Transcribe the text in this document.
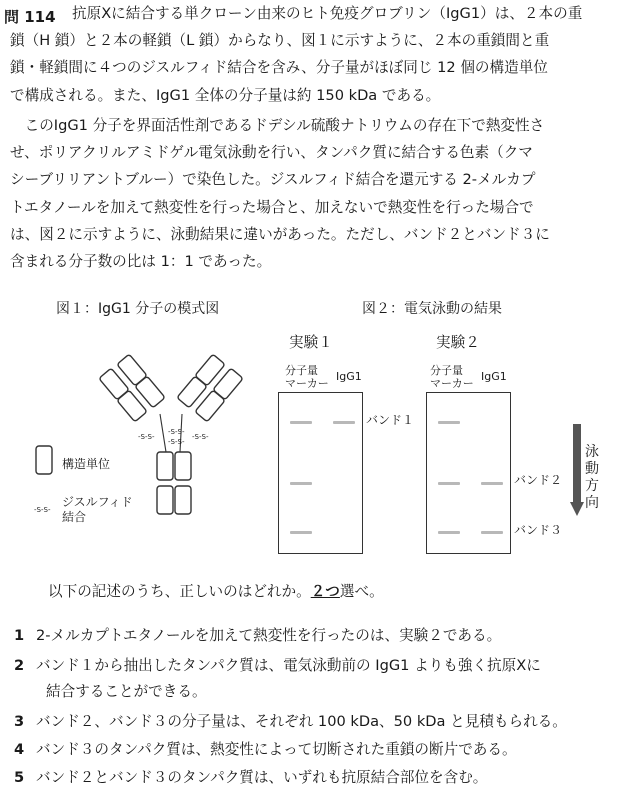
問 114	抗原Xに結合する単クローン由来のヒト免疫グロブリン（IgG1）は、２本の重
鎖（H 鎖）と２本の軽鎖（L 鎖）からなり、図１に示すように、２本の重鎖間と重
鎖・軽鎖間に４つのジスルフィド結合を含み、分子量がほぼ同じ 12 個の構造単位
で構成される。また、IgG1 全体の分子量は約 150 kDa である。
　このIgG1 分子を界面活性剤であるドデシル硫酸ナトリウムの存在下で熱変性さ
せ、ポリアクリルアミドゲル電気泳動を行い、タンパク質に結合する色素（クマ
シーブリリアントブルー）で染色した。ジスルフィド結合を還元する 2-メルカプ
トエタノールを加えて熱変性を行った場合と、加えないで熱変性を行った場合で
は、図２に示すように、泳動結果に違いがあった。ただし、バンド２とバンド３に
含まれる分子数の比は 1：1 であった。
図１：IgG1 分子の模式図
-S-S-
-S-S-
-S-S-
-S-S-
-S-S-
構造単位
ジスルフィド
結合
図２：電気泳動の結果
実験１	実験２
分子量
マーカー
IgG1	分子量
マーカー
IgG1
バンド１
バンド２
バンド３
泳
動
方
向
以下の記述のうち、正しいのはどれか。２つ選べ。
1 2-メルカプトエタノールを加えて熱変性を行ったのは、実験２である。
2 バンド１から抽出したタンパク質は、電気泳動前の IgG1 よりも強く抗原Xに
結合することができる。
3 バンド２、バンド３の分子量は、それぞれ 100 kDa、50 kDa と見積もられる。
4 バンド３のタンパク質は、熱変性によって切断された重鎖の断片である。
5 バンド２とバンド３のタンパク質は、いずれも抗原結合部位を含む。
